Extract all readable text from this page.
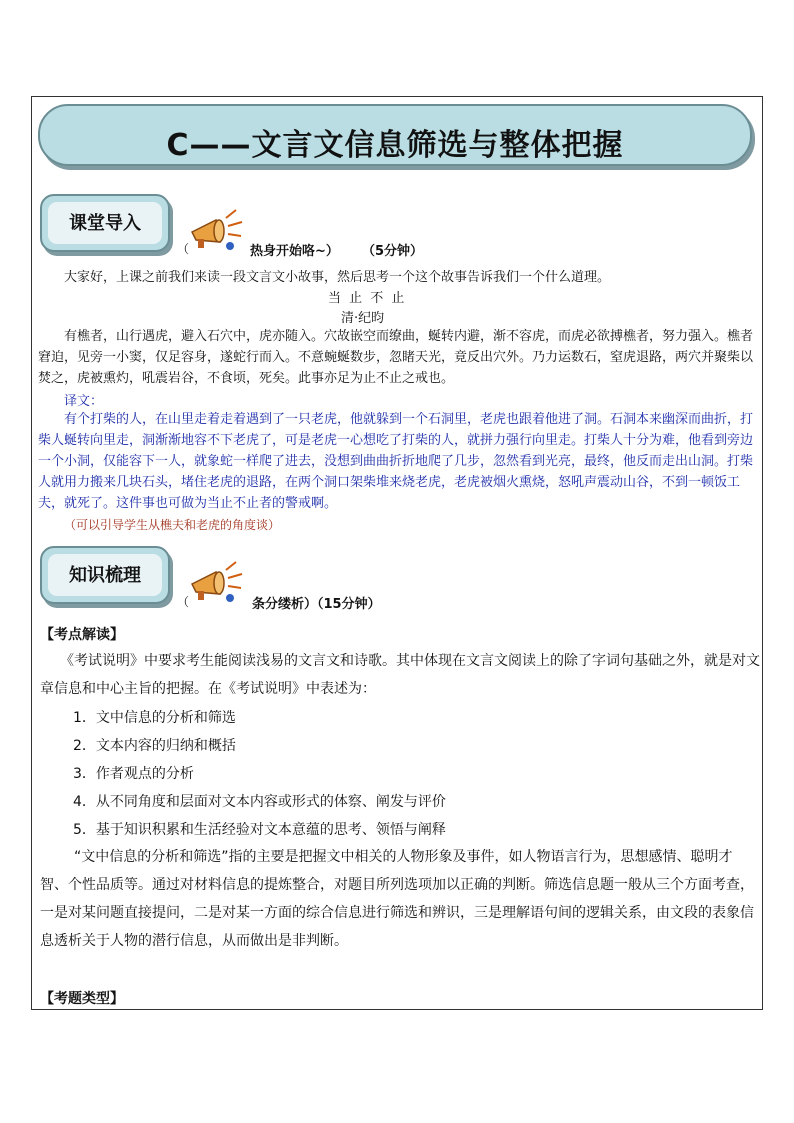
C——文言文信息筛选与整体把握
课堂导入
（	热身开始咯~） （5分钟）
大家好，上课之前我们来读一段文言文小故事，然后思考一个这个故事告诉我们一个什么道理。
当 止 不 止
清·纪昀
有樵者，山行遇虎，避入石穴中，虎亦随入。穴故嵌空而缭曲，蜒转内避，渐不容虎，而虎必欲搏樵者，努力强入。樵者窘迫，见旁一小窦，仅足容身，遂蛇行而入。不意蜿蜒数步，忽睹天光，竟反出穴外。乃力运数石，窒虎退路，两穴并聚柴以焚之，虎被熏灼，吼震岩谷，不食顷，死矣。此事亦足为止不止之戒也。
译文：
有个打柴的人，在山里走着走着遇到了一只老虎，他就躲到一个石洞里，老虎也跟着他进了洞。石洞本来幽深而曲折，打柴人蜒转向里走，洞渐渐地容不下老虎了，可是老虎一心想吃了打柴的人，就拼力强行向里走。打柴人十分为难，他看到旁边一个小洞，仅能容下一人，就象蛇一样爬了进去，没想到曲曲折折地爬了几步，忽然看到光亮，最终，他反而走出山洞。打柴人就用力搬来几块石头，堵住老虎的退路，在两个洞口架柴堆来烧老虎，老虎被烟火熏烧，怒吼声震动山谷，不到一顿饭工夫，就死了。这件事也可做为当止不止者的警戒啊。
（可以引导学生从樵夫和老虎的角度谈）
知识梳理
（	条分缕析）（15分钟）
【考点解读】
《考试说明》中要求考生能阅读浅易的文言文和诗歌。其中体现在文言文阅读上的除了字词句基础之外，就是对文章信息和中心主旨的把握。在《考试说明》中表述为：
1．文中信息的分析和筛选
2．文本内容的归纳和概括
3．作者观点的分析
4．从不同角度和层面对文本内容或形式的体察、阐发与评价
5．基于知识积累和生活经验对文本意蕴的思考、领悟与阐释
“文中信息的分析和筛选”指的主要是把握文中相关的人物形象及事件，如人物语言行为，思想感情、聪明才智、个性品质等。通过对材料信息的提炼整合，对题目所列选项加以正确的判断。筛选信息题一般从三个方面考查，一是对某问题直接提问，二是对某一方面的综合信息进行筛选和辨识，三是理解语句间的逻辑关系，由文段的表象信息透析关于人物的潜行信息，从而做出是非判断。
【考题类型】
